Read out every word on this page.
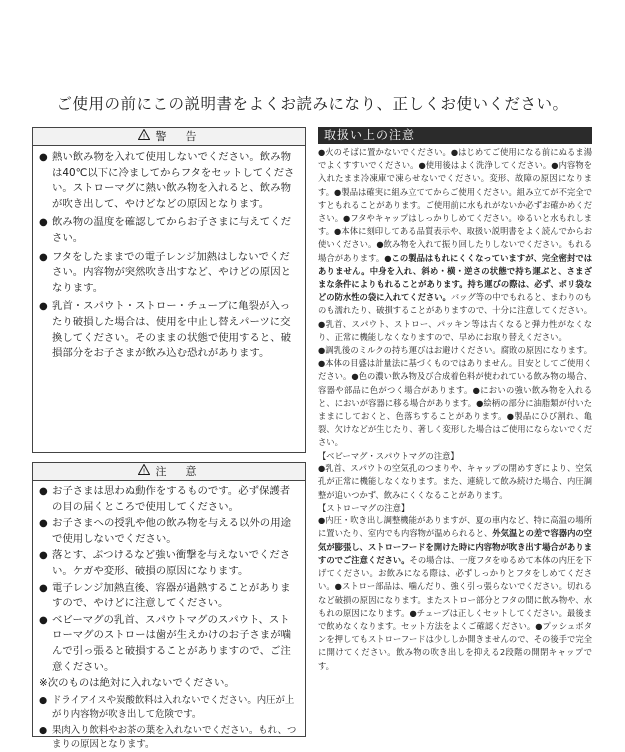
ご使用の前にこの説明書をよくお読みになり、正しくお使いください。
! 警　告
● 熱い飲み物を入れて使用しないでください。飲み物は40℃以下に冷ましてからフタをセットしてください。ストローマグに熱い飲み物を入れると、飲み物が吹き出して、やけどなどの原因となります。
● 飲み物の温度を確認してからお子さまに与えてください。
● フタをしたままでの電子レンジ加熱はしないでください。内容物が突然吹き出すなど、やけどの原因となります。
● 乳首・スパウト・ストロー・チューブに亀裂が入ったり破損した場合は、使用を中止し替えパーツに交換してください。そのままの状態で使用すると、破損部分をお子さまが飲み込む恐れがあります。
! 注　意
● お子さまは思わぬ動作をするものです。必ず保護者の目の届くところで使用してください。
● お子さまへの授乳や他の飲み物を与える以外の用途で使用しないでください。
● 落とす、ぶつけるなど強い衝撃を与えないでください。ケガや変形、破損の原因になります。
● 電子レンジ加熱直後、容器が過熱することがありますので、やけどに注意してください。
● ベビーマグの乳首、スパウトマグのスパウト、ストローマグのストローは歯が生えかけのお子さまが噛んで引っ張ると破損することがありますので、ご注意ください。
※次のものは絶対に入れないでください。
● ドライアイスや炭酸飲料は入れないでください。内圧が上がり内容物が吹き出して危険です。
● 果肉入り飲料やお茶の葉を入れないでください。もれ、つまりの原因となります。
取扱い上の注意

●火のそばに置かないでください。●はじめてご使用になる前にぬるま湯でよくすすいでください。●使用後はよく洗浄してください。●内容物を入れたまま冷凍庫で凍らせないでください。変形、故障の原因になります。●製品は確実に組み立ててからご使用ください。組み立てが不完全ですともれることがあります。ご使用前に水もれがないか必ずお確かめください。●フタやキャップはしっかりしめてください。ゆるいと水もれします。●本体に刻印してある品質表示や、取扱い説明書をよく読んでからお使いください。●飲み物を入れて振り回したりしないでください。もれる場合があります。●この製品はもれにくくなっていますが、完全密封ではありません。中身を入れ、斜め・横・逆さの状態で持ち運ぶと、さまざまな条件によりもれることがあります。持ち運びの際は、必ず、ポリ袋などの防水性の袋に入れてください。バッグ等の中でもれると、まわりのものも濡れたり、破損することがありますので、十分に注意してください。●乳首、スパウト、ストロー、パッキン等は古くなると弾力性がなくなり、正常に機能しなくなりますので、早めにお取り替えください。

●調乳後のミルクの持ち運びはお避けください。腐敗の原因になります。●本体の目盛は計量法に基づくものではありません。目安としてご使用ください。●色の濃い飲み物及び合成着色料が使われている飲み物の場合、容器や部品に色がつく場合があります。●においの強い飲み物を入れると、においが容器に移る場合があります。●絵柄の部分に油脂類が付いたままにしておくと、色落ちすることがあります。●製品にひび割れ、亀裂、欠けなどが生じたり、著しく変形した場合はご使用にならないでください。

【ベビーマグ・スパウトマグの注意】

●乳首、スパウトの空気孔のつまりや、キャップの閉めすぎにより、空気孔が正常に機能しなくなります。また、連続して飲み続けた場合、内圧調整が追いつかず、飲みにくくなることがあります。

【ストローマグの注意】

●内圧・吹き出し調整機能がありますが、夏の車内など、特に高温の場所に置いたり、室内でも内容物が温められると、外気温との差で容器内の空気が膨張し、ストローフードを開けた時に内容物が吹き出す場合がありますのでご注意ください。その場合は、一度フタをゆるめて本体の内圧を下げてください。お飲みになる際は、必ずしっかりとフタをしめてください。●ストロー部品は、噛んだり、強く引っ張らないでください。切れるなど破損の原因になります。またストロー部分とフタの間に飲み物や、水もれの原因になります。●チューブは正しくセットしてください。最後まで飲めなくなります。セット方法をよくご確認ください。●プッシュボタンを押してもストローフードは少ししか開きませんので、その後手で完全に開けてください。飲み物の吹き出しを抑える2段階の開閉キャップです。
